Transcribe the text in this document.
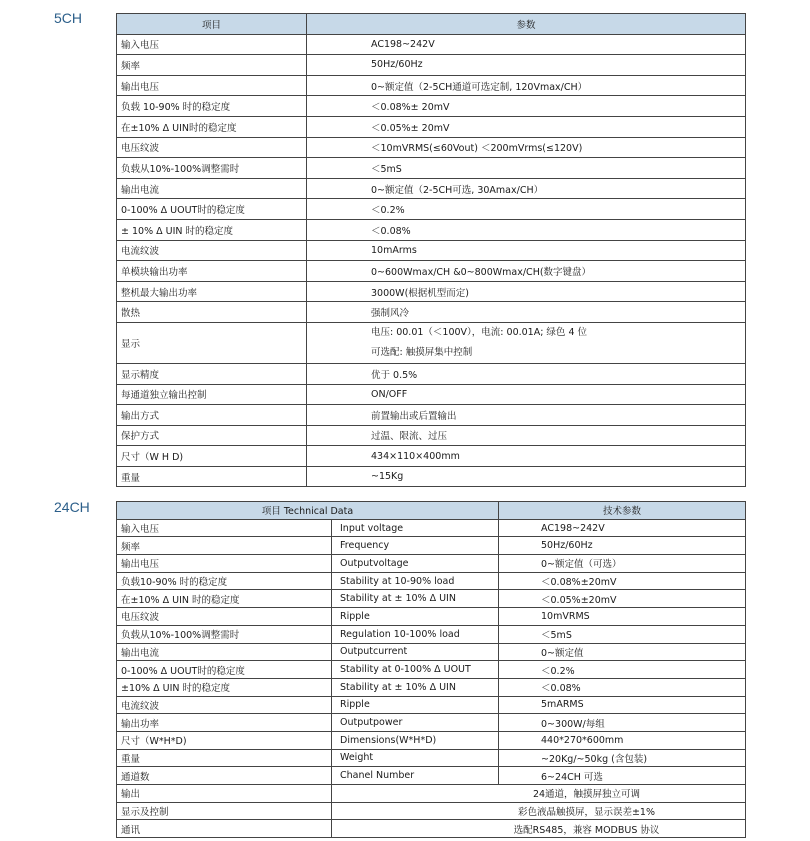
5CH	项目	参数
输入电压	AC198~242V
频率	50Hz/60Hz
输出电压	0~额定值（2-5CH通道可选定制, 120Vmax/CH）
负载 10-90% 时的稳定度	＜0.08%± 20mV
在±10% Δ UIN时的稳定度	＜0.05%± 20mV
电压纹波	＜10mVRMS(≤60Vout) ＜200mVrms(≤120V)
负载从10%-100%调整需时	＜5mS
输出电流	0~额定值（2-5CH可选, 30Amax/CH）
0-100% Δ UOUT时的稳定度	＜0.2%
± 10% Δ UIN 时的稳定度	＜0.08%
电流纹波	10mArms
单模块输出功率	0~600Wmax/CH &0~800Wmax/CH(数字键盘）
整机最大输出功率	3000W(根据机型而定)
散热	强制风冷
显示	电压: 00.01（＜100V），电流: 00.01A; 绿色 4 位
可选配: 触摸屏集中控制

显示精度	优于 0.5%
每通道独立输出控制	ON/OFF
输出方式	前置输出或后置输出
保护方式	过温、限流、过压
尺寸（W H D)	434×110×400mm
重量	~15Kg
24CH	项目 Technical Data		技术参数
输入电压	Input voltage	AC198~242V
频率	Frequency	50Hz/60Hz
输出电压	Outputvoltage	0~额定值（可选）
负载10-90% 时的稳定度	Stability at 10-90% load	＜0.08%±20mV
在±10% Δ UIN 时的稳定度	Stability at ± 10% Δ UIN	＜0.05%±20mV
电压纹波	Ripple	10mVRMS
负载从10%-100%调整需时	Regulation 10-100% load	＜5mS
输出电流	Outputcurrent	0~额定值
0-100% Δ UOUT时的稳定度	Stability at 0-100% Δ UOUT	＜0.2%
±10% Δ UIN 时的稳定度	Stability at ± 10% Δ UIN	＜0.08%
电流纹波	Ripple	5mARMS
输出功率	Outputpower	0~300W/每组
尺寸（W*H*D)	Dimensions(W*H*D)	440*270*600mm
重量	Weight	~20Kg/~50kg (含包装)
通道数	Chanel Number	6~24CH 可选
输出	24通道，触摸屏独立可调	
显示及控制	彩色液晶触摸屏，显示误差±1%	
通讯	选配RS485，兼容 MODBUS 协议	
